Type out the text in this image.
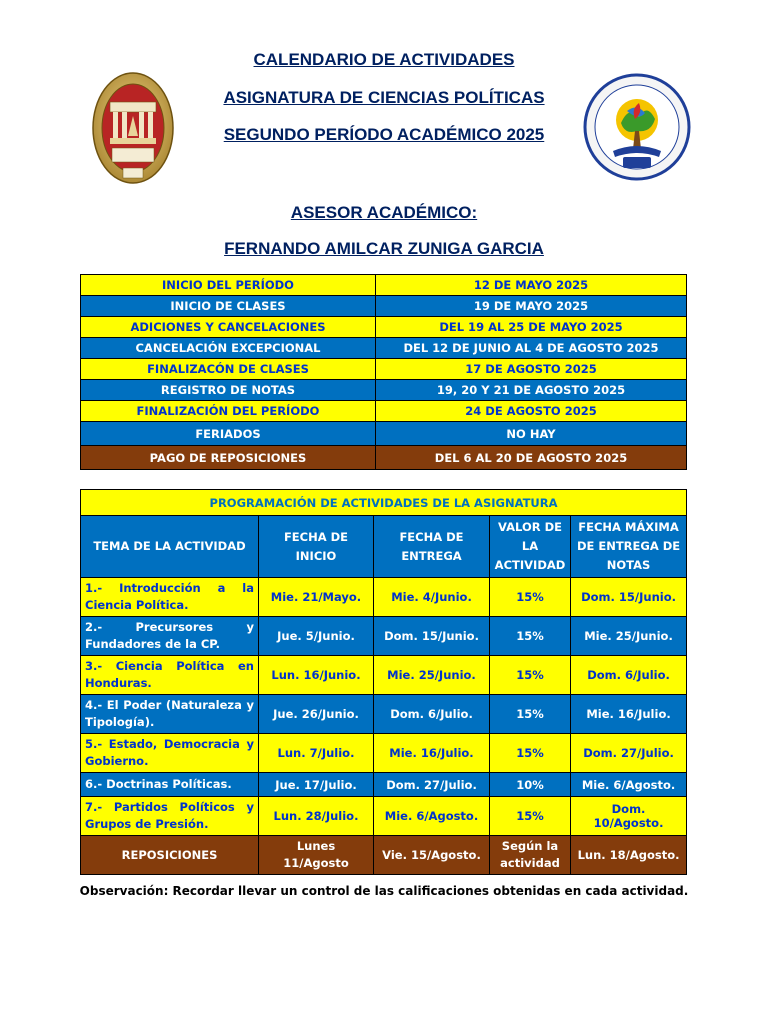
CALENDARIO DE ACTIVIDADES
ASIGNATURA DE CIENCIAS POLÍTICAS
SEGUNDO PERÍODO ACADÉMICO 2025
ASESOR ACADÉMICO:
FERNANDO AMILCAR ZUNIGA GARCIA
INICIO DEL PERÍODO	12 DE MAYO 2025
INICIO DE CLASES	19 DE MAYO 2025
ADICIONES Y CANCELACIONES	DEL 19 AL 25 DE MAYO 2025
CANCELACIÓN EXCEPCIONAL	DEL 12 DE JUNIO AL 4 DE AGOSTO 2025
FINALIZACÓN DE CLASES	17 DE AGOSTO 2025
REGISTRO DE NOTAS	19, 20 Y 21 DE AGOSTO 2025
FINALIZACIÓN DEL PERÍODO	24 DE AGOSTO 2025
FERIADOS	NO HAY
PAGO DE REPOSICIONES	DEL 6 AL 20 DE AGOSTO 2025
PROGRAMACIÓN DE ACTIVIDADES DE LA ASIGNATURA				
TEMA DE LA ACTIVIDAD	FECHA DE INICIO	FECHA DE ENTREGA	VALOR DE LA ACTIVIDAD	FECHA MÁXIMA DE ENTREGA DE NOTAS
1.- Introducción a la Ciencia Política.	Mie. 21/Mayo.	Mie. 4/Junio.	15%	Dom. 15/Junio.
2.- Precursores y Fundadores de la CP.	Jue. 5/Junio.	Dom. 15/Junio.	15%	Mie. 25/Junio.
3.- Ciencia Política en Honduras.	Lun. 16/Junio.	Mie. 25/Junio.	15%	Dom. 6/Julio.
4.- El Poder (Naturaleza y Tipología).	Jue. 26/Junio.	Dom. 6/Julio.	15%	Mie. 16/Julio.
5.- Estado, Democracia y Gobierno.	Lun. 7/Julio.	Mie. 16/Julio.	15%	Dom. 27/Julio.
6.- Doctrinas Políticas.	Jue. 17/Julio.	Dom. 27/Julio.	10%	Mie. 6/Agosto.
7.- Partidos Políticos y Grupos de Presión.	Lun. 28/Julio.	Mie. 6/Agosto.	15%	Dom. 10/Agosto.
REPOSICIONES	Lunes 11/Agosto	Vie. 15/Agosto.	Según la actividad	Lun. 18/Agosto.
Observación: Recordar llevar un control de las calificaciones obtenidas en cada actividad.
